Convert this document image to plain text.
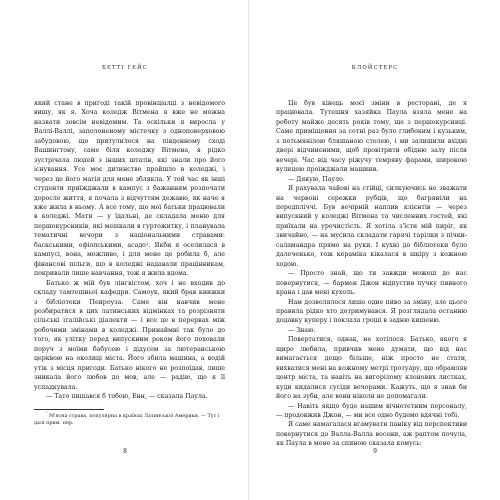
БЕТТІ ГЕЙС

який стане в пригоді такій провінціалці з невідомого вишу, як я. Хоча коледж Вітмена я вже не можна назвати зовсім невідомим. Та оскільки я виросла у Валлі-Валлі, заполоненому містечку з одноповерховою забудовою, що притулилося на південному сході Вашингтону, саме біля коледжу Вітмена, я рідко зустрічала людей з інших штатів, які знали про його існування. Усе моє дитинство пройшло в коледжі, і через це його магія для мене зблякла. У той час як інші студенти приїжджали в кампус з бажанням розпочати доросле життя, я почала з відчуттям дежавю, як наче я вже жила в ньому. А все тому, що мої батьки працювали в коледжі. Мати — у їдальні, де складала меню для першокурсників, які мешкали в гуртожитку, і планувала тематичні вечори з національними стравами: баскськими, ефіопськими, асадо¹. Якби я оселилася в кампусі, вона, можливо, і для мене це робила б, але фінансові пільги, що в коледжі надавали працівникам, покривали лише навчання, тож я жила вдома.

Батько ж мій був лінгвістом, хоч і не входив до складу тамтешньої кафедри. Самоук, який брав книжки з бібліотеки Пенроуза. Саме він навчив мене розбиратися в цих латинських відмінках та розрізняти сільські італійські діалекти — і все це в перервах між робочими змінами в коледжі. Принаймні так було до того, як улітку перед випускним роком його поховали поруч з моїми бабусею і дідусем за лютеранською церквою на околиці міста. Його збила машина, а водій утік з місця пригоди. Батько нікого не розпоїдав, лише зникала його любов до мов, але — радію, що я її успадкувала.

— Тато пишався б тобою, Енн, — сказала Паула.

$^{^1}$ М'ясна страва, популярна в країнах Латинської Америки. — Тут і далі прим. пер.
8
КЛОЙСТЕРС

Це був кінець моєї зміни в ресторані, де я працювала. Тутешня хазяйка Паула взяла мене на роботу майже десять років тому, ще з першокурсниці. Саме приміщення за сотні раз було глибоким і кузьким, з потьмянілою бляшаною стелею, і ми залишили вхідні двері відчиненими, щоб провітрити обідню залу після вечері. Час від часу ріжучу темряву фарами, широкою вулицею проїжджали машини.

— Дякую, Пауло.

Я рахувала чайові на стійці, силкуючись не зважати на червоні сережки рубців, що багряніли на передпліччі. Був вечірній наплив клієнтів — через випускний у коледжі Вітмена та численних гостей, які приїхали на урочистість. Я хотіла з'їсти мій пиріг, як звичайно, — на мусила складати гарячі тарілки з пічки-саламандра прямо на руки. І кухні до бібліотеки було далеченько, тож кераміка кікалася в шкіру з кожною ходою.

— Просто знай, що ти завжди можеш до нас повернутися, — бармен Джон відпустив пучку пивного крана і дав мені кухоль.

Нам дозволялося лише одне пиво за зміну, але цього правила рідко хто дотримувався. Я розглядала останню додавку куперу і поклала гроші в задню кишеню.

— Знаю.

Повертатися, однак, не хотілося. Батько, якого я щиро любила, привчив мене думати, що від нас вимагається дещо більше, ніж просто не стати, вихватися мені на кожному метрі тротуару, що обрамляв центр міста, та навіть на вигорілому кленових листках, куди кидалися сусіди вечорами. Кажуть, що я знав би його на зуби, але вони ніколи не допомагали.

— Навіть якщо буде нашим вічнотетним персоналу, — продовжив Джон, — ми все одно будемо вдячні тобі.

Я саме намагалася вгамувати паніку від перспективи повернутися до Валла-Валла восени, аж раптом почула, як Паула в мене за спиною сказала комусь:

9
